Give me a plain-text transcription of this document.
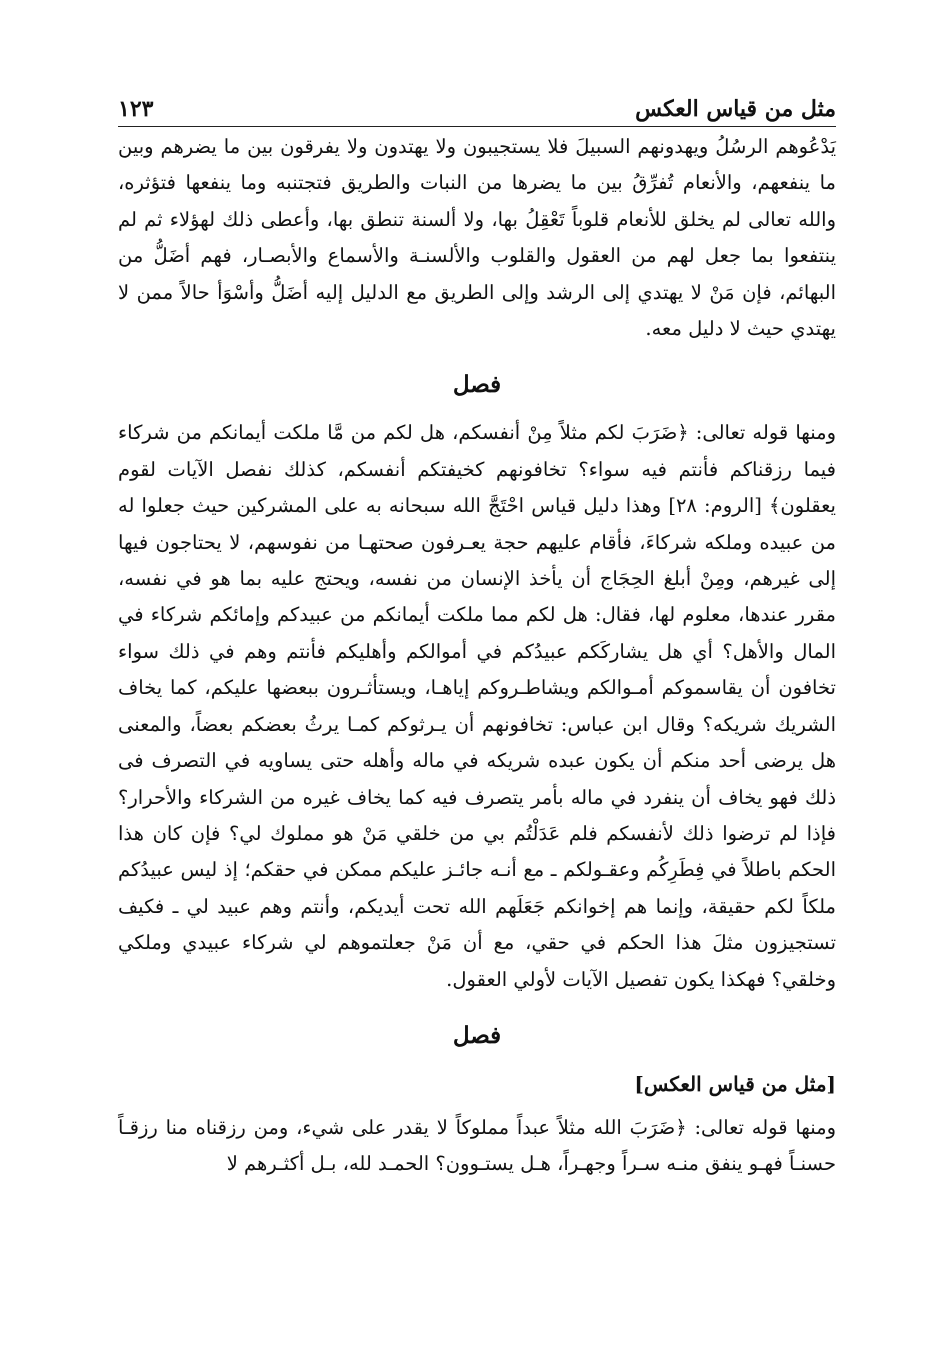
مثل من قياس العكس
١٢٣

يَدْعُوهم الرسُلُ ويهدونهم السبيلَ فلا يستجيبون ولا يهتدون ولا يفرقون بين ما يضرهم وبين ما ينفعهم، والأنعام تُفرِّقُ بين ما يضرها من النبات والطريق فتجتنبه وما ينفعها فتؤثره، والله تعالى لم يخلق للأنعام قلوباً تَعْقِلُ بها، ولا ألسنة تنطق بها، وأعطى ذلك لهؤلاء ثم لم ينتفعوا بما جعل لهم من العقول والقلوب والألسنـة والأسماع والأبصـار، فهم أضَلُّ من البهائم، فإن مَنْ لا يهتدي إلى الرشد وإلى الطريق مع الدليل إليه أضَلُّ وأسْوَأ حالاً ممن لا يهتدي حيث لا دليل معه.

فصل

ومنها قوله تعالى: ﴿ضَرَبَ لكم مثلاً مِنْ أنفسكم، هل لكم من مَّا ملكت أيمانكم من شركاء فيما رزقناكم فأنتم فيه سواء؟ تخافونهم كخيفتكم أنفسكم، كذلك نفصل الآيات لقوم يعقلون﴾ [الروم: ٢٨] وهذا دليل قياس احْتَجَّ الله سبحانه به على المشركين حيث جعلوا له من عبيده وملكه شركاءَ، فأقام عليهم حجة يعـرفون صحتهـا من نفوسهم، لا يحتاجون فيها إلى غيرهم، ومِنْ أبلغ الحِجَاج أن يأخذ الإنسان من نفسه، ويحتج عليه بما هو في نفسه، مقرر عندها، معلوم لها، فقال: هل لكم مما ملكت أيمانكم من عبيدكم وإمائكم شركاء في المال والأهل؟ أي هل يشاركَكم عبيدُكم في أموالكم وأهليكم فأنتم وهم في ذلك سواء تخافون أن يقاسموكم أمـوالكم ويشاطـروكم إياهـا، ويستأثـرون ببعضها عليكم، كما يخاف الشريك شريكه؟ وقال ابن عباس: تخافونهم أن يـرثوكم كمـا يرثُ بعضكم بعضاً، والمعنى هل يرضى أحد منكم أن يكون عبده شريكه في ماله وأهله حتى يساويه في التصرف فى ذلك فهو يخاف أن ينفرد في ماله بأمر يتصرف فيه كما يخاف غيره من الشركاء والأحرار؟ فإذا لم ترضوا ذلك لأنفسكم فلم عَدَلْتُم بي من خلقي مَنْ هو مملوك لي؟ فإن كان هذا الحكم باطلاً في فِطَرِكُم وعقـولكم ـ مع أنـه جائـز عليكم ممكن في حقكم؛ إذ ليس عبيدُكم ملكاً لكم حقيقة، وإنما هم إخوانكم جَعَلَهم الله تحت أيديكم، وأنتم وهم عبيد لي ـ فكيف تستجيزون مثلَ هذا الحكم في حقي، مع أن مَنْ جعلتموهم لي شركاء عبيدي وملكي وخلقي؟ فهكذا يكون تفصيل الآيات لأولي العقول.

فصل
[مثل من قياس العكس]

ومنها قوله تعالى: ﴿ضَرَبَ الله مثلاً عبداً مملوكاً لا يقدر على شيء، ومن رزقناه منا رزقـاً حسنـاً فهـو ينفق منـه سـراً وجهـراً، هـل يستـوون؟ الحمـد لله، بـل أكثـرهم لا
